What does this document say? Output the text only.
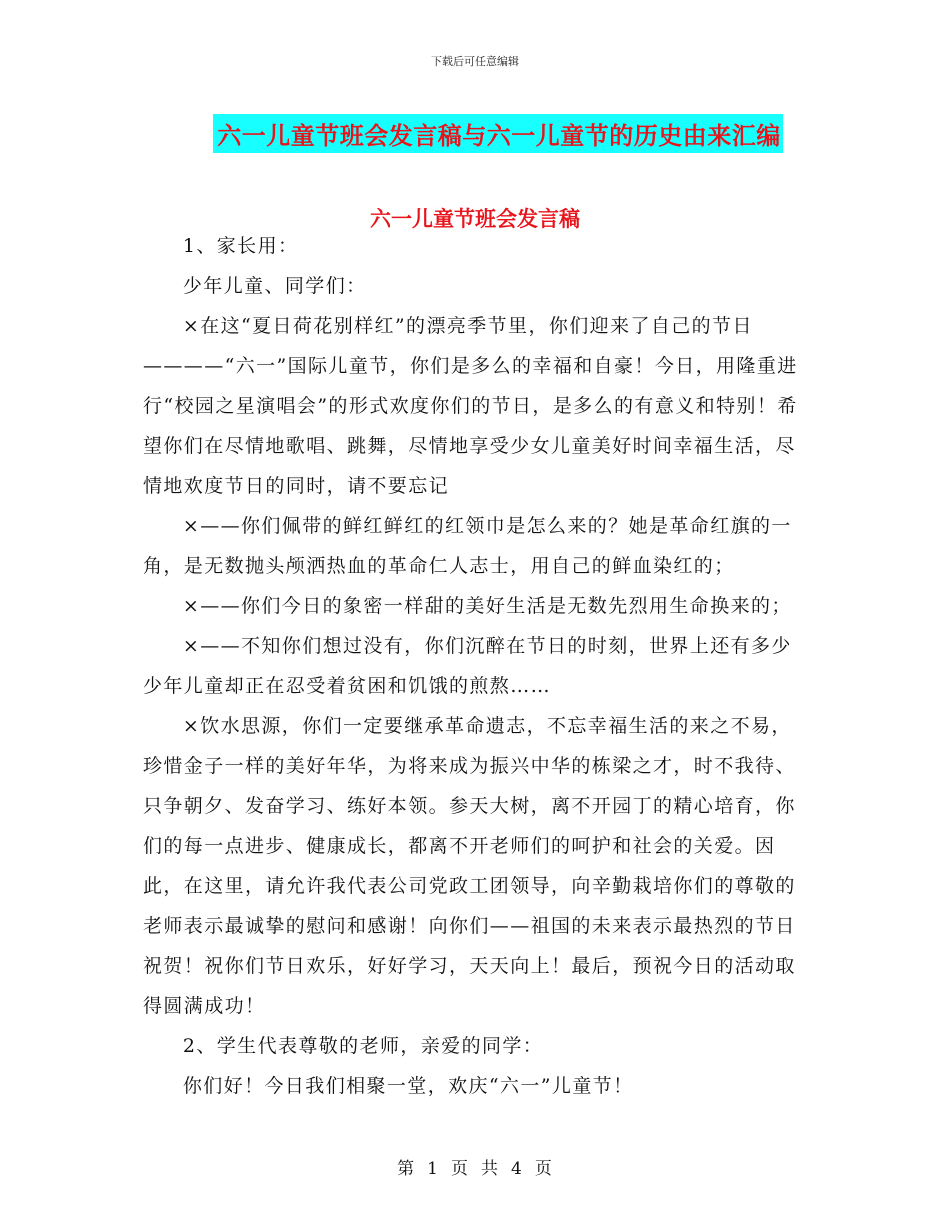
下载后可任意编辑
六一儿童节班会发言稿与六一儿童节的历史由来汇编
六一儿童节班会发言稿

1、家长用：

少年儿童、同学们：

×在这“夏日荷花别样红”的漂亮季节里，你们迎来了自己的节日————“六一”国际儿童节，你们是多么的幸福和自豪！今日，用隆重进行“校园之星演唱会”的形式欢度你们的节日，是多么的有意义和特别！希望你们在尽情地歌唱、跳舞，尽情地享受少女儿童美好时间幸福生活，尽情地欢度节日的同时，请不要忘记

×——你们佩带的鲜红鲜红的红领巾是怎么来的？她是革命红旗的一角，是无数抛头颅洒热血的革命仁人志士，用自己的鲜血染红的；

×——你们今日的象密一样甜的美好生活是无数先烈用生命换来的；

×——不知你们想过没有，你们沉醉在节日的时刻，世界上还有多少少年儿童却正在忍受着贫困和饥饿的煎熬……

×饮水思源，你们一定要继承革命遗志，不忘幸福生活的来之不易，珍惜金子一样的美好年华，为将来成为振兴中华的栋梁之才，时不我待、只争朝夕、发奋学习、练好本领。参天大树，离不开园丁的精心培育，你们的每一点进步、健康成长，都离不开老师们的呵护和社会的关爱。因此，在这里，请允许我代表公司党政工团领导，向辛勤栽培你们的尊敬的老师表示最诚挚的慰问和感谢！向你们——祖国的未来表示最热烈的节日祝贺！祝你们节日欢乐，好好学习，天天向上！最后，预祝今日的活动取得圆满成功！

2、学生代表尊敬的老师，亲爱的同学：

你们好！今日我们相聚一堂，欢庆“六一”儿童节！

第 1 页 共 4 页
